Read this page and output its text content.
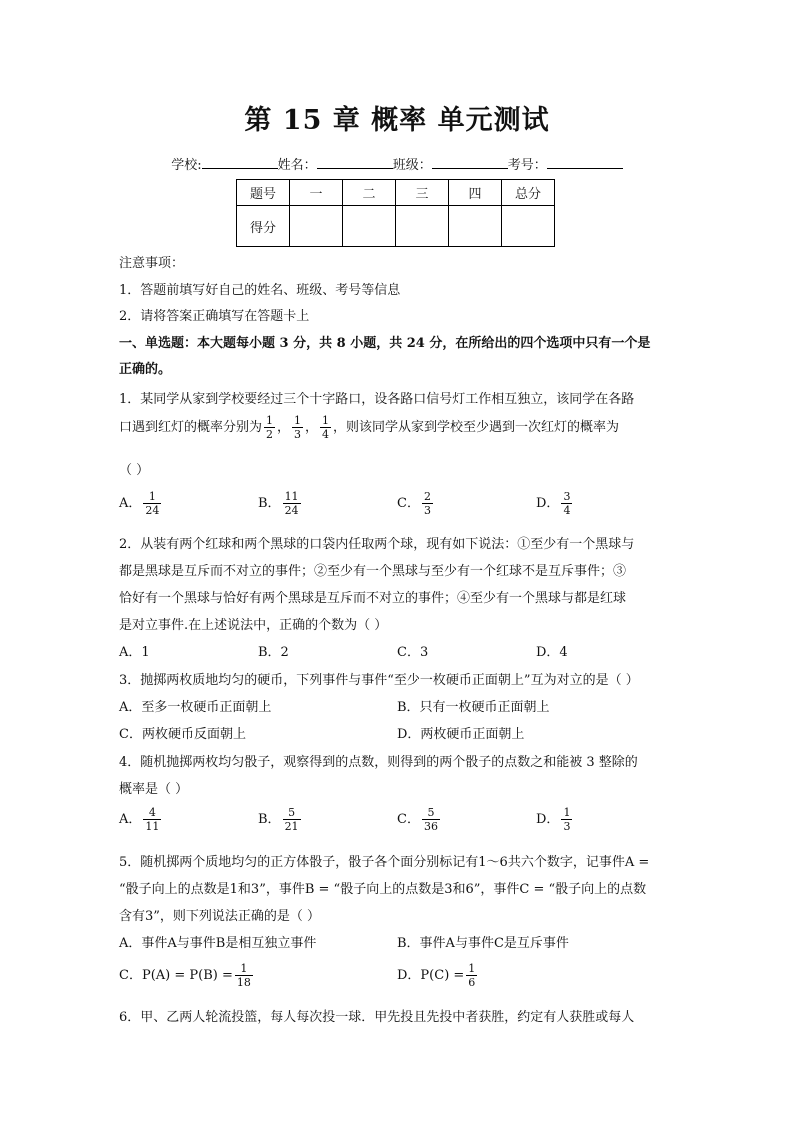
第 15 章 概率 单元测试
学校:	姓名：	班级：	考号：
题号	一	二	三	四	总分
得分					
注意事项：
1．答题前填写好自己的姓名、班级、考号等信息
2．请将答案正确填写在答题卡上
一、单选题：本大题每小题 3 分，共 8 小题，共 24 分，在所给出的四个选项中只有一个是
正确的。
1．某同学从家到学校要经过三个十字路口，设各路口信号灯工作相互独立，该同学在各路
口遇到红灯的概率分别为 $\frac{1}{2}$ ， $\frac{1}{3}$ ， $\frac{1}{4}$ ，则该同学从家到学校至少遇到一次红灯的概率为
（ ）
A． $\frac{1}{24}$	B． $\frac{11}{24}$	C． $\frac{2}{3}$	D． $\frac{3}{4}$
2．从装有两个红球和两个黑球的口袋内任取两个球，现有如下说法：①至少有一个黑球与
都是黑球是互斥而不对立的事件；②至少有一个黑球与至少有一个红球不是互斥事件；③
恰好有一个黑球与恰好有两个黑球是互斥而不对立的事件；④至少有一个黑球与都是红球
是对立事件.在上述说法中，正确的个数为（ ）
A．1	B．2	C．3	D．4
3．抛掷两枚质地均匀的硬币，下列事件与事件“至少一枚硬币正面朝上”互为对立的是（ ）
A．至多一枚硬币正面朝上	B．只有一枚硬币正面朝上
C．两枚硬币反面朝上	D．两枚硬币正面朝上
4．随机抛掷两枚均匀骰子，观察得到的点数，则得到的两个骰子的点数之和能被 3 整除的
概率是（ ）
A． $\frac{4}{11}$	B． $\frac{5}{21}$	C． $\frac{5}{36}$	D． $\frac{1}{3}$
5．随机掷两个质地均匀的正方体骰子，骰子各个面分别标记有1～6共六个数字，记事件A =
“骰子向上的点数是1和3”，事件B = “骰子向上的点数是3和6”，事件C = “骰子向上的点数
含有3”，则下列说法正确的是（ ）
A．事件A与事件B是相互独立事件	B．事件A与事件C是互斥事件
C．$P(A) = P(B) = \frac{1}{18}$	D．$P(C) = \frac{1}{6}$
6．甲、乙两人轮流投篮，每人每次投一球．甲先投且先投中者获胜，约定有人获胜或每人
